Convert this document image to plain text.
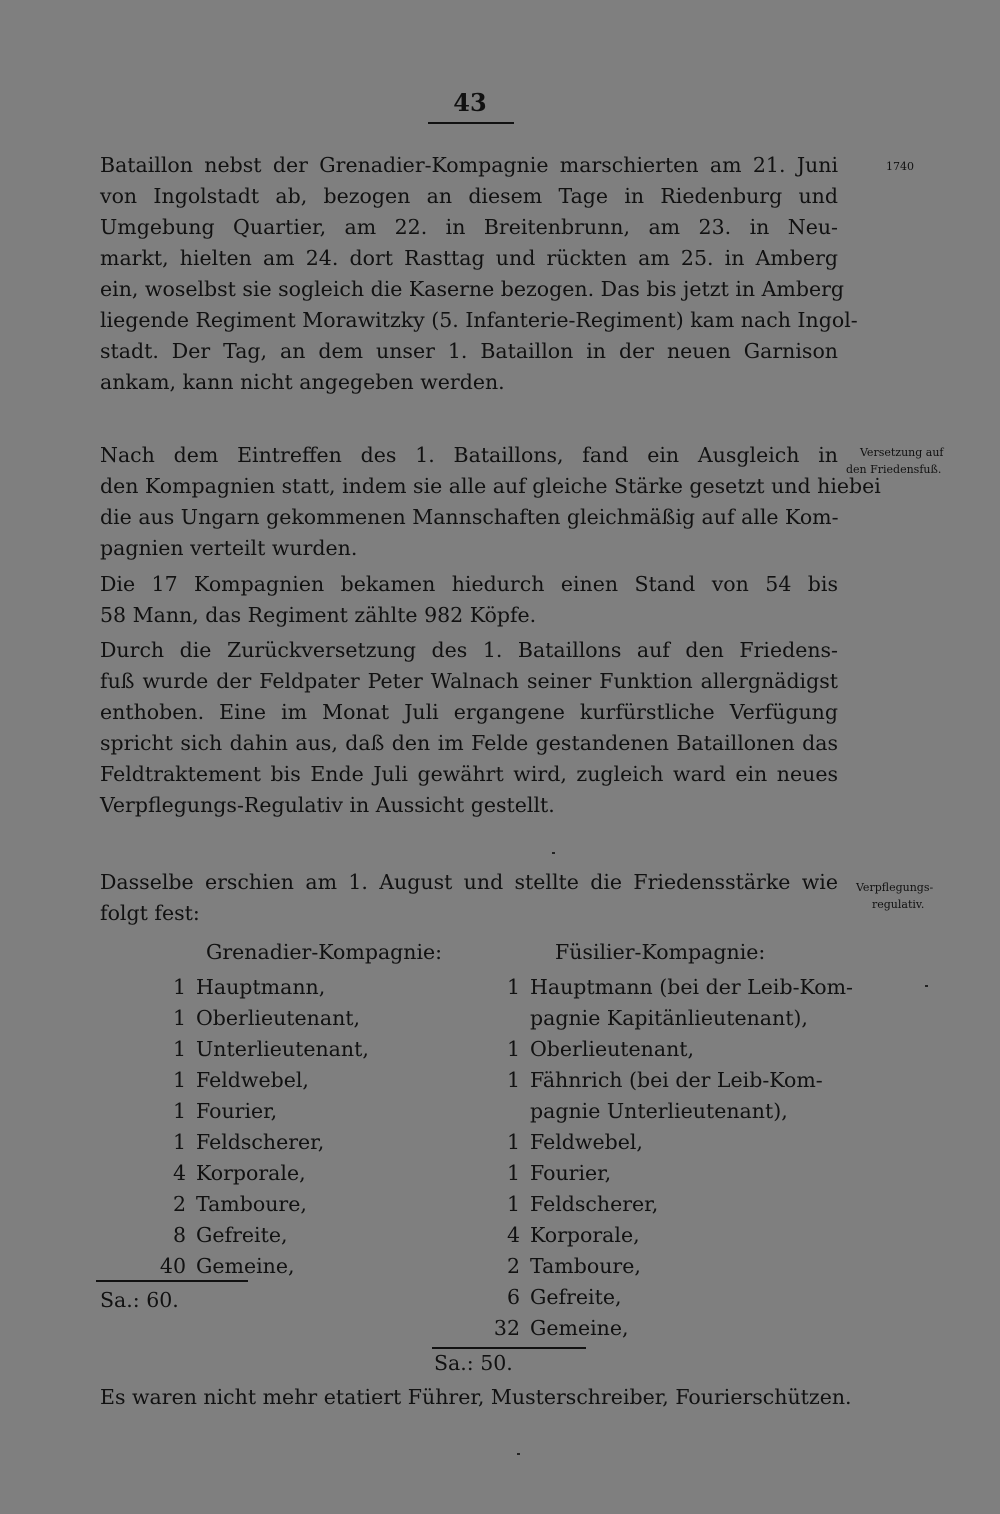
43
Bataillon nebst der Grenadier-Kompagnie marschierten am 21. Juni
von Ingolstadt ab, bezogen an diesem Tage in Riedenburg und
Umgebung Quartier, am 22. in Breitenbrunn, am 23. in Neu-
markt, hielten am 24. dort Rasttag und rückten am 25. in Amberg
ein, woselbst sie sogleich die Kaserne bezogen. Das bis jetzt in Amberg
liegende Regiment Morawitzky (5. Infanterie-Regiment) kam nach Ingol-
stadt. Der Tag, an dem unser 1. Bataillon in der neuen Garnison
ankam, kann nicht angegeben werden.
Nach dem Eintreffen des 1. Bataillons, fand ein Ausgleich in
den Kompagnien statt, indem sie alle auf gleiche Stärke gesetzt und hiebei
die aus Ungarn gekommenen Mannschaften gleichmäßig auf alle Kom-
pagnien verteilt wurden.
Die 17 Kompagnien bekamen hiedurch einen Stand von 54 bis
58 Mann, das Regiment zählte 982 Köpfe.
Durch die Zurückversetzung des 1. Bataillons auf den Friedens-
fuß wurde der Feldpater Peter Walnach seiner Funktion allergnädigst
enthoben. Eine im Monat Juli ergangene kurfürstliche Verfügung
spricht sich dahin aus, daß den im Felde gestandenen Bataillonen das
Feldtraktement bis Ende Juli gewährt wird, zugleich ward ein neues
Verpflegungs-Regulativ in Aussicht gestellt.
Dasselbe erschien am 1. August und stellte die Friedensstärke wie
folgt fest:
1740
Versetzung auf
den Friedensfuß.
Verpflegungs-
regulativ.
Grenadier-Kompagnie:	Füsilier-Kompagnie:
1 Hauptmann,
1 Oberlieutenant,
1 Unterlieutenant,
1 Feldwebel,
1 Fourier,
1 Feldscherer,
4 Korporale,
2 Tamboure,
8 Gefreite,
40 Gemeine,
1 Hauptmann (bei der Leib-Kom-
pagnie Kapitänlieutenant),
1 Oberlieutenant,
1 Fähnrich (bei der Leib-Kom-
pagnie Unterlieutenant),
1 Feldwebel,
1 Fourier,
1 Feldscherer,
4 Korporale,
2 Tamboure,
6 Gefreite,
32 Gemeine,
Sa.: 60.
Sa.: 50.
Es waren nicht mehr etatiert Führer, Musterschreiber, Fourierschützen.
